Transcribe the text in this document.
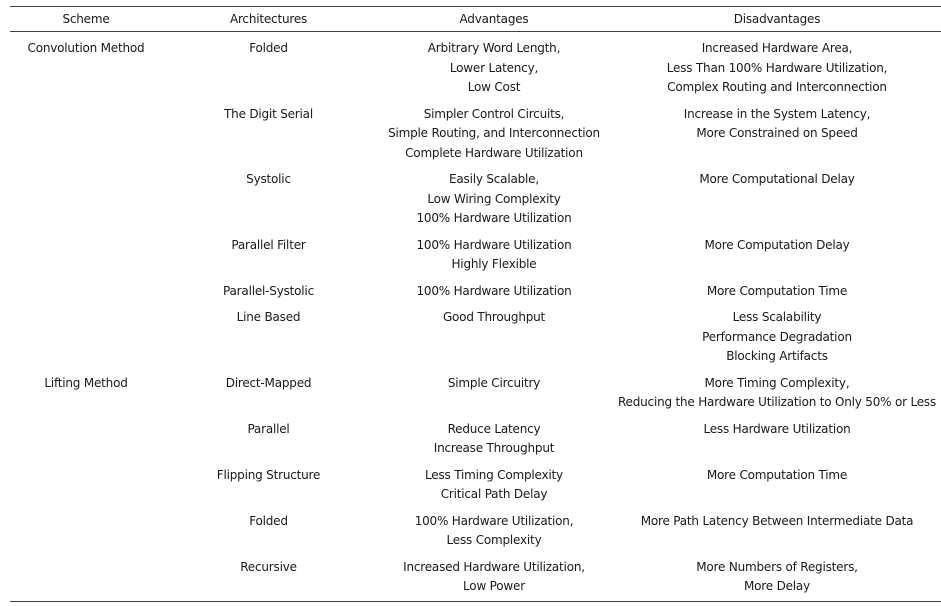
Scheme	Architectures	Advantages	Disadvantages
Convolution Method	Folded	Arbitrary Word Length,
Lower Latency,
Low Cost	Increased Hardware Area,
Less Than 100% Hardware Utilization,
Complex Routing and Interconnection

	The Digit Serial	Simpler Control Circuits,
Simple Routing, and Interconnection
Complete Hardware Utilization	Increase in the System Latency,
More Constrained on Speed

	Systolic	Easily Scalable,
Low Wiring Complexity
100% Hardware Utilization	More Computational Delay

	Parallel Filter	100% Hardware Utilization
Highly Flexible	More Computation Delay

	Parallel-Systolic	100% Hardware Utilization	More Computation Time

	Line Based	Good Throughput	Less Scalability
Performance Degradation
Blocking Artifacts

Lifting Method	Direct-Mapped	Simple Circuitry	More Timing Complexity,
Reducing the Hardware Utilization to Only 50% or Less

	Parallel	Reduce Latency
Increase Throughput	Less Hardware Utilization

	Flipping Structure	Less Timing Complexity
Critical Path Delay	More Computation Time

	Folded	100% Hardware Utilization,
Less Complexity	More Path Latency Between Intermediate Data

	Recursive	Increased Hardware Utilization,
Low Power	More Numbers of Registers,
More Delay
